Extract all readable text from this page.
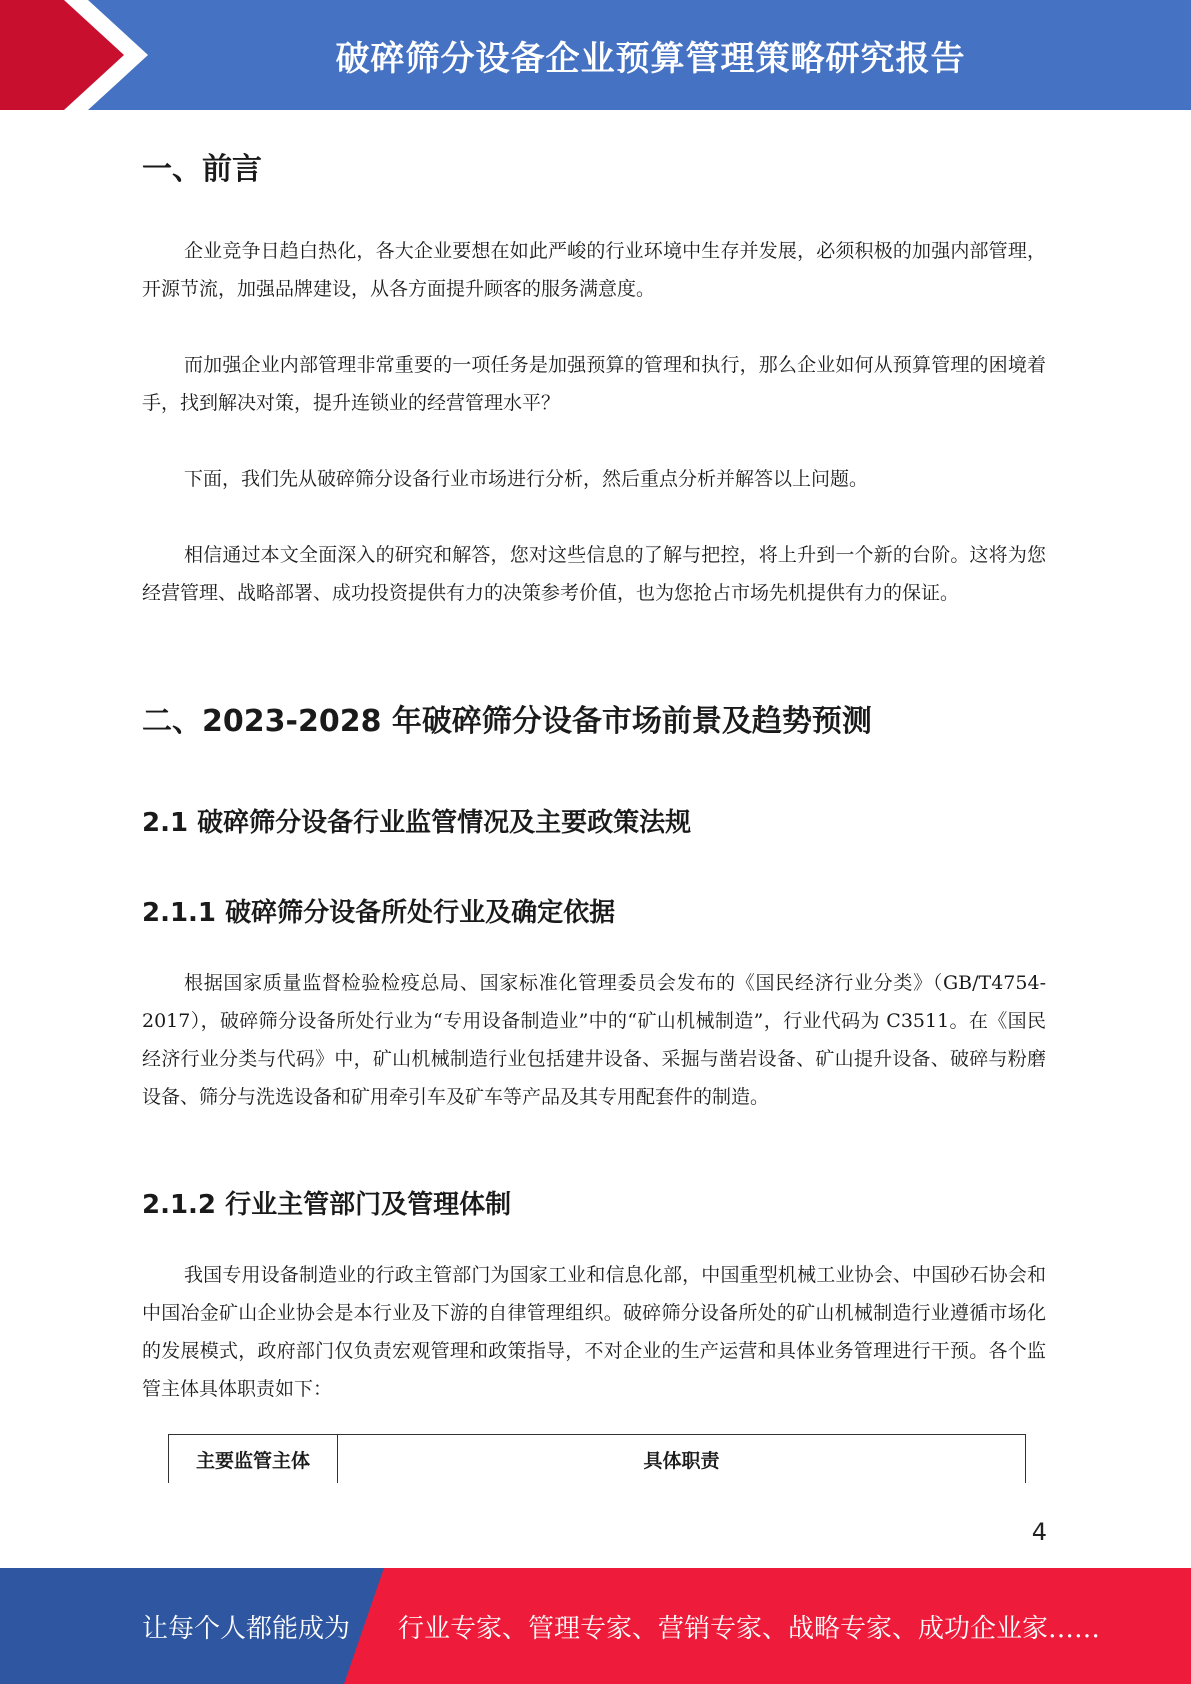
破碎筛分设备企业预算管理策略研究报告
一、前言

企业竞争日趋白热化，各大企业要想在如此严峻的行业环境中生存并发展，必须积极的加强内部管理，开源节流，加强品牌建设，从各方面提升顾客的服务满意度。

而加强企业内部管理非常重要的一项任务是加强预算的管理和执行，那么企业如何从预算管理的困境着手，找到解决对策，提升连锁业的经营管理水平？

下面，我们先从破碎筛分设备行业市场进行分析，然后重点分析并解答以上问题。

相信通过本文全面深入的研究和解答，您对这些信息的了解与把控，将上升到一个新的台阶。这将为您经营管理、战略部署、成功投资提供有力的决策参考价值，也为您抢占市场先机提供有力的保证。

二、2023-2028 年破碎筛分设备市场前景及趋势预测
2.1 破碎筛分设备行业监管情况及主要政策法规
2.1.1 破碎筛分设备所处行业及确定依据

根据国家质量监督检验检疫总局、国家标准化管理委员会发布的《国民经济行业分类》（GB/T4754-2017），破碎筛分设备所处行业为“专用设备制造业”中的“矿山机械制造”，行业代码为 C3511。在《国民经济行业分类与代码》中，矿山机械制造行业包括建井设备、采掘与凿岩设备、矿山提升设备、破碎与粉磨设备、筛分与洗选设备和矿用牵引车及矿车等产品及其专用配套件的制造。

2.1.2 行业主管部门及管理体制

我国专用设备制造业的行政主管部门为国家工业和信息化部，中国重型机械工业协会、中国砂石协会和中国冶金矿山企业协会是本行业及下游的自律管理组织。破碎筛分设备所处的矿山机械制造行业遵循市场化的发展模式，政府部门仅负责宏观管理和政策指导，不对企业的生产运营和具体业务管理进行干预。各个监管主体具体职责如下：

主要监管主体	具体职责
4
让每个人都能成为 行业专家、管理专家、营销专家、战略专家、成功企业家……
